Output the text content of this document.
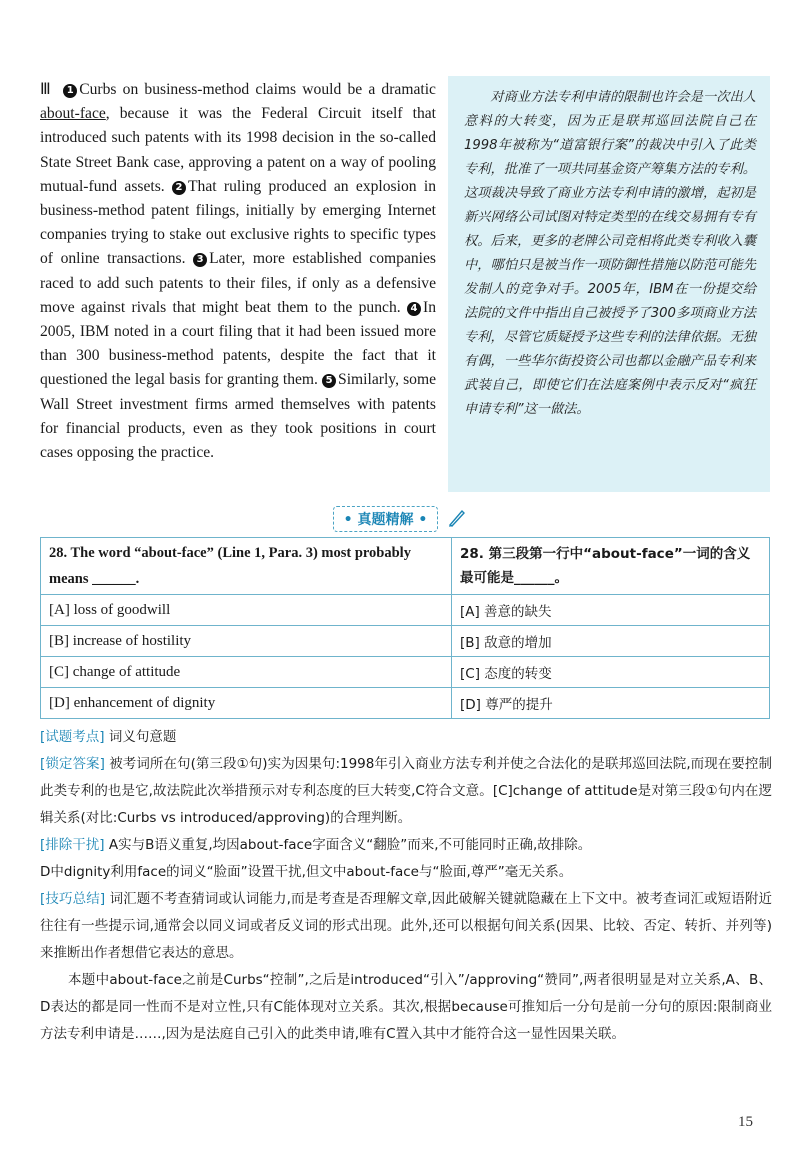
Ⅲ 1 Curbs on business-method claims would be a dramatic about-face, because it was the Federal Circuit itself that introduced such patents with its 1998 decision in the so-called State Street Bank case, approving a patent on a way of pooling mutual-fund assets. 2 That ruling produced an explosion in business-method patent filings, initially by emerging Internet companies trying to stake out exclusive rights to specific types of online transactions. 3 Later, more established companies raced to add such patents to their files, if only as a defensive move against rivals that might beat them to the punch. 4 In 2005, IBM noted in a court filing that it had been issued more than 300 business-method patents, despite the fact that it questioned the legal basis for granting them. 5 Similarly, some Wall Street investment firms armed themselves with patents for financial products, even as they took positions in court cases opposing the practice.

对商业方法专利申请的限制也许会是一次出人意料的大转变，因为正是联邦巡回法院自己在1998年被称为“道富银行案”的裁决中引入了此类专利，批准了一项共同基金资产筹集方法的专利。这项裁决导致了商业方法专利申请的激增，起初是新兴网络公司试图对特定类型的在线交易拥有专有权。后来，更多的老牌公司竞相将此类专利收入囊中，哪怕只是被当作一项防御性措施以防范可能先发制人的竞争对手。2005年，IBM在一份提交给法院的文件中指出自己被授予了300多项商业方法专利，尽管它质疑授予这些专利的法律依据。无独有偶，一些华尔街投资公司也都以金融产品专利来武装自己，即使它们在法庭案例中表示反对“疯狂申请专利”这一做法。

• 真题精解 •
28. The word “about-face” (Line 1, Para. 3) most probably means ______.	28. 第三段第一行中“about-face”一词的含义最可能是______。
[A] loss of goodwill	[A] 善意的缺失
[B] increase of hostility	[B] 敌意的增加
[C] change of attitude	[C] 态度的转变
[D] enhancement of dignity	[D] 尊严的提升

[试题考点] 词义句意题

[锁定答案] 被考词所在句(第三段①句)实为因果句:1998年引入商业方法专利并使之合法化的是联邦巡回法院,而现在要控制此类专利的也是它,故法院此次举措预示对专利态度的巨大转变,C符合文意。[C]change of attitude是对第三段①句内在逻辑关系(对比:Curbs vs introduced/approving)的合理判断。

[排除干扰] A实与B语义重复,均因about-face字面含义“翻脸”而来,不可能同时正确,故排除。

D中dignity利用face的词义“脸面”设置干扰,但文中about-face与“脸面,尊严”毫无关系。

[技巧总结] 词汇题不考查猜词或认词能力,而是考查是否理解文章,因此破解关键就隐藏在上下文中。被考查词汇或短语附近往往有一些提示词,通常会以同义词或者反义词的形式出现。此外,还可以根据句间关系(因果、比较、否定、转折、并列等)来推断出作者想借它表达的意思。

本题中about-face之前是Curbs“控制”,之后是introduced“引入”/approving“赞同”,两者很明显是对立关系,A、B、D表达的都是同一性而不是对立性,只有C能体现对立关系。其次,根据because可推知后一分句是前一分句的原因:限制商业方法专利申请是……,因为是法庭自己引入的此类申请,唯有C置入其中才能符合这一显性因果关联。

15
